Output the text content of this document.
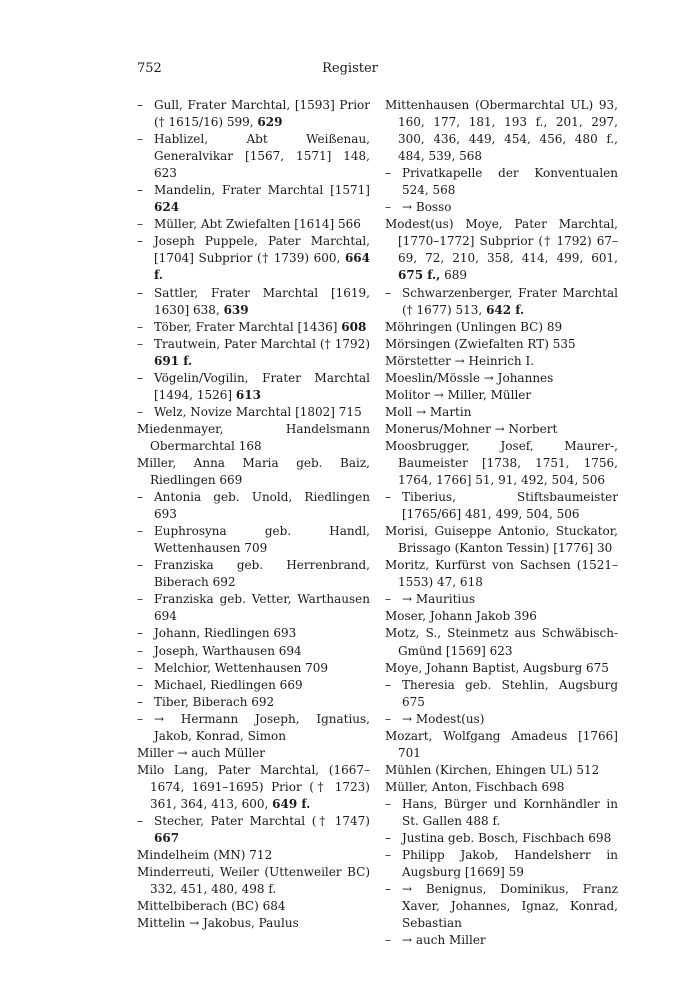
752	Register
– Gull, Frater Marchtal, [1593] Prior († 1615/16) 599, 629
– Hablizel, Abt Weißenau, Generalvikar [1567, 1571] 148, 623
– Mandelin, Frater Marchtal [1571] 624
– Müller, Abt Zwiefalten [1614] 566
– Joseph Puppele, Pater Marchtal, [1704] Subprior († 1739) 600, 664 f.
– Sattler, Frater Marchtal [1619, 1630] 638, 639
– Töber, Frater Marchtal [1436] 608
– Trautwein, Pater Marchtal († 1792) 691 f.
– Vögelin/Vogilin, Frater Marchtal [1494, 1526] 613
– Welz, Novize Marchtal [1802] 715
Miedenmayer, Handelsmann Obermarchtal 168
Miller, Anna Maria geb. Baiz, Riedlingen 669
– Antonia geb. Unold, Riedlingen 693
– Euphrosyna geb. Handl, Wettenhausen 709
– Franziska geb. Herrenbrand, Biberach 692
– Franziska geb. Vetter, Warthausen 694
– Johann, Riedlingen 693
– Joseph, Warthausen 694
– Melchior, Wettenhausen 709
– Michael, Riedlingen 669
– Tiber, Biberach 692
– → Hermann Joseph, Ignatius, Jakob, Konrad, Simon
Miller → auch Müller
Milo Lang, Pater Marchtal, (1667–1674, 1691–1695) Prior († 1723) 361, 364, 413, 600, 649 f.
– Stecher, Pater Marchtal († 1747) 667
Mindelheim (MN) 712
Minderreuti, Weiler (Uttenweiler BC) 332, 451, 480, 498 f.
Mittelbiberach (BC) 684
Mittelin → Jakobus, Paulus
Mittenhausen (Obermarchtal UL) 93, 160, 177, 181, 193 f., 201, 297, 300, 436, 449, 454, 456, 480 f., 484, 539, 568
– Privatkapelle der Konventualen 524, 568
– → Bosso
Modest(us) Moye, Pater Marchtal, [1770–1772] Subprior († 1792) 67–69, 72, 210, 358, 414, 499, 601, 675 f., 689
– Schwarzenberger, Frater Marchtal († 1677) 513, 642 f.
Möhringen (Unlingen BC) 89
Mörsingen (Zwiefalten RT) 535
Mörstetter → Heinrich I.
Moeslin/Mössle → Johannes
Molitor → Miller, Müller
Moll → Martin
Monerus/Mohner → Norbert
Moosbrugger, Josef, Maurer-, Baumeister [1738, 1751, 1756, 1764, 1766] 51, 91, 492, 504, 506
– Tiberius, Stiftsbaumeister [1765/66] 481, 499, 504, 506
Morisi, Guiseppe Antonio, Stuckator, Brissago (Kanton Tessin) [1776] 30
Moritz, Kurfürst von Sachsen (1521–1553) 47, 618
– → Mauritius
Moser, Johann Jakob 396
Motz, S., Steinmetz aus Schwäbisch-Gmünd [1569] 623
Moye, Johann Baptist, Augsburg 675
– Theresia geb. Stehlin, Augsburg 675
– → Modest(us)
Mozart, Wolfgang Amadeus [1766] 701
Mühlen (Kirchen, Ehingen UL) 512
Müller, Anton, Fischbach 698
– Hans, Bürger und Kornhändler in St. Gallen 488 f.
– Justina geb. Bosch, Fischbach 698
– Philipp Jakob, Handelsherr in Augsburg [1669] 59
– → Benignus, Dominikus, Franz Xaver, Johannes, Ignaz, Konrad, Sebastian
– → auch Miller
